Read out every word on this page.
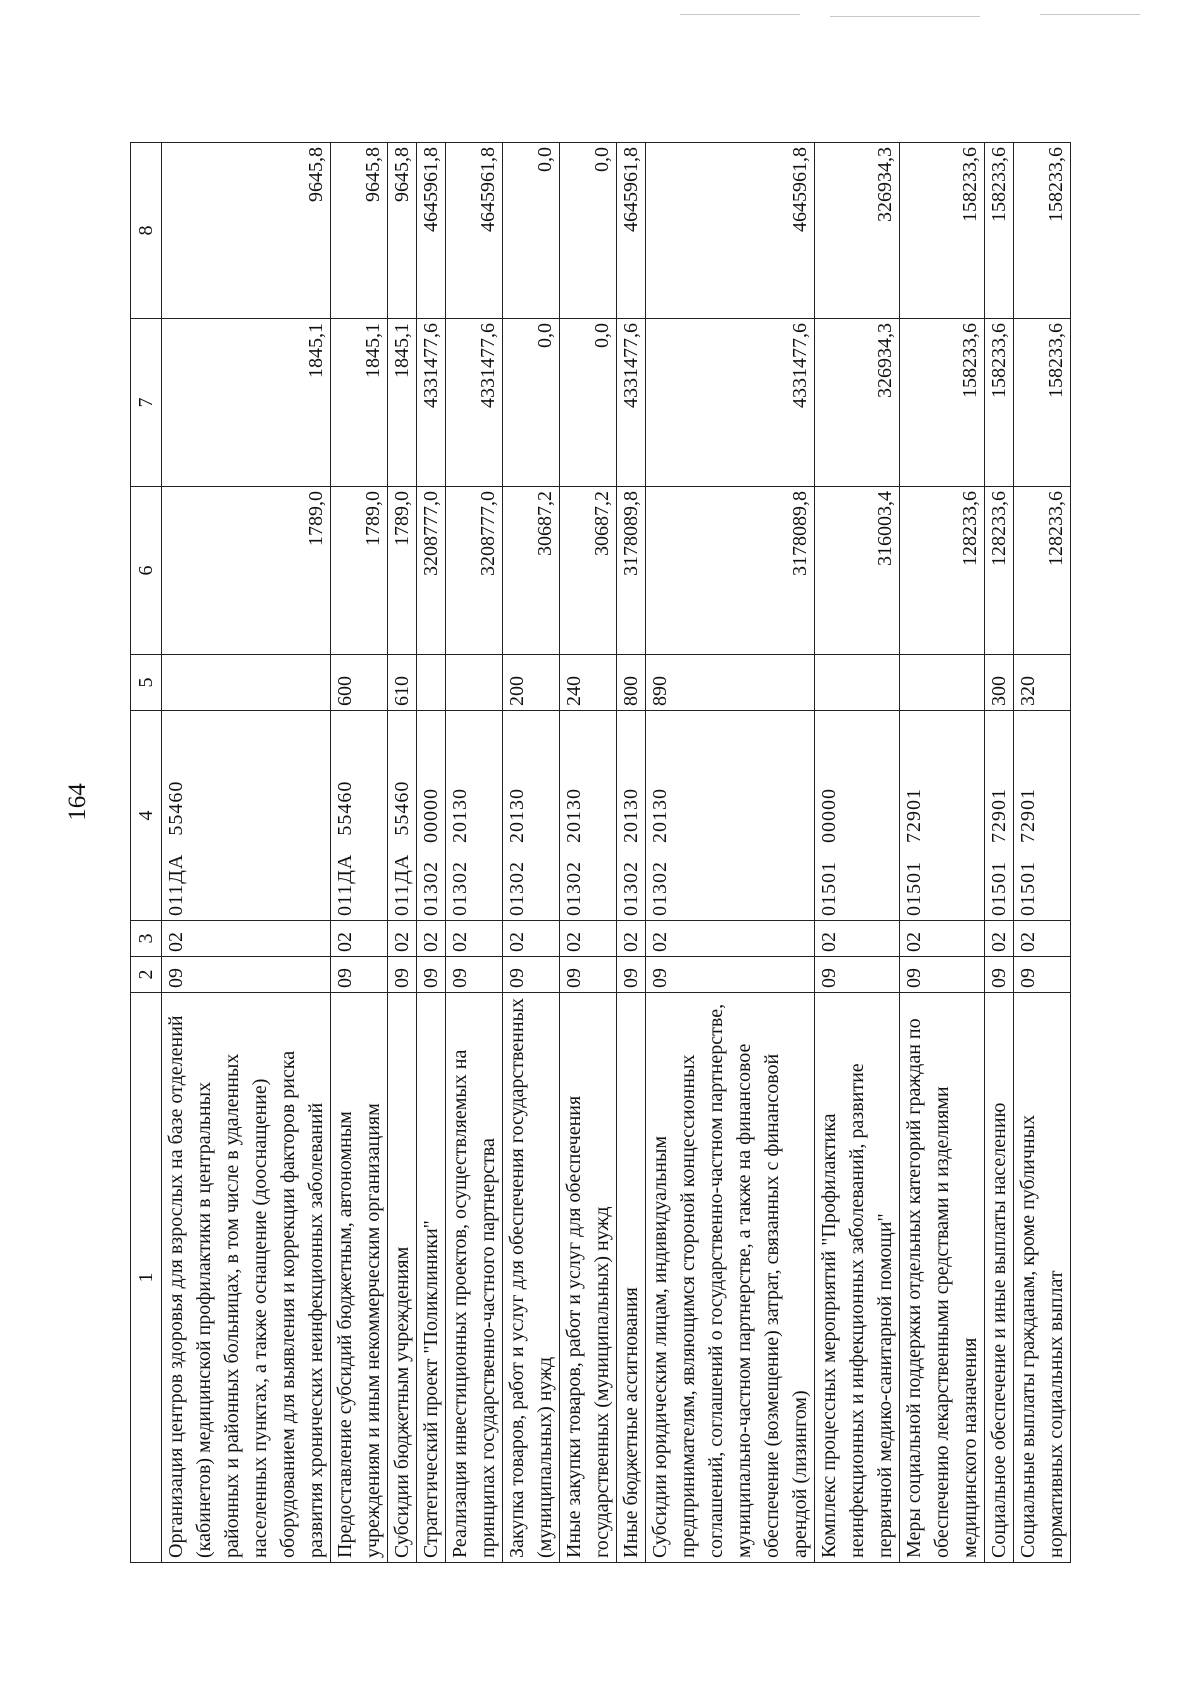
164
1	2	3	4	5	6	7	8
Организация центров здоровья для взрослых на базе отделений (кабинетов) медицинской профилактики в центральных районных и районных больницах, в том числе в удаленных населенных пунктах, а также оснащение (дооснащение) оборудованием для выявления и коррекции факторов риска развития хронических неинфекционных заболеваний	09	02	011ДА55460		1789,0	1845,1	9645,8
Предоставление субсидий бюджетным, автономным учреждениям и иным некоммерческим организациям	09	02	011ДА55460	600	1789,0	1845,1	9645,8
Субсидии бюджетным учреждениям	09	02	011ДА55460	610	1789,0	1845,1	9645,8
Стратегический проект "Поликлиники"	09	02	0130200000		3208777,0	4331477,6	4645961,8
Реализация инвестиционных проектов, осуществляемых на принципах государственно-частного партнерства	09	02	0130220130		3208777,0	4331477,6	4645961,8
Закупка товаров, работ и услуг для обеспечения государственных (муниципальных) нужд	09	02	0130220130	200	30687,2	0,0	0,0
Иные закупки товаров, работ и услуг для обеспечения государственных (муниципальных) нужд	09	02	0130220130	240	30687,2	0,0	0,0
Иные бюджетные ассигнования	09	02	0130220130	800	3178089,8	4331477,6	4645961,8
Субсидии юридическим лицам, индивидуальным предпринимателям, являющимся стороной концессионных соглашений, соглашений о государственно-частном партнерстве, муниципально-частном партнерстве, а также на финансовое обеспечение (возмещение) затрат, связанных с финансовой арендой (лизингом)	09	02	0130220130	890	3178089,8	4331477,6	4645961,8
Комплекс процессных мероприятий "Профилактика неинфекционных и инфекционных заболеваний, развитие первичной медико-санитарной помощи"	09	02	0150100000		316003,4	326934,3	326934,3
Меры социальной поддержки отдельных категорий граждан по обеспечению лекарственными средствами и изделиями медицинского назначения	09	02	0150172901		128233,6	158233,6	158233,6
Социальное обеспечение и иные выплаты населению	09	02	0150172901	300	128233,6	158233,6	158233,6
Социальные выплаты гражданам, кроме публичных нормативных социальных выплат	09	02	0150172901	320	128233,6	158233,6	158233,6
